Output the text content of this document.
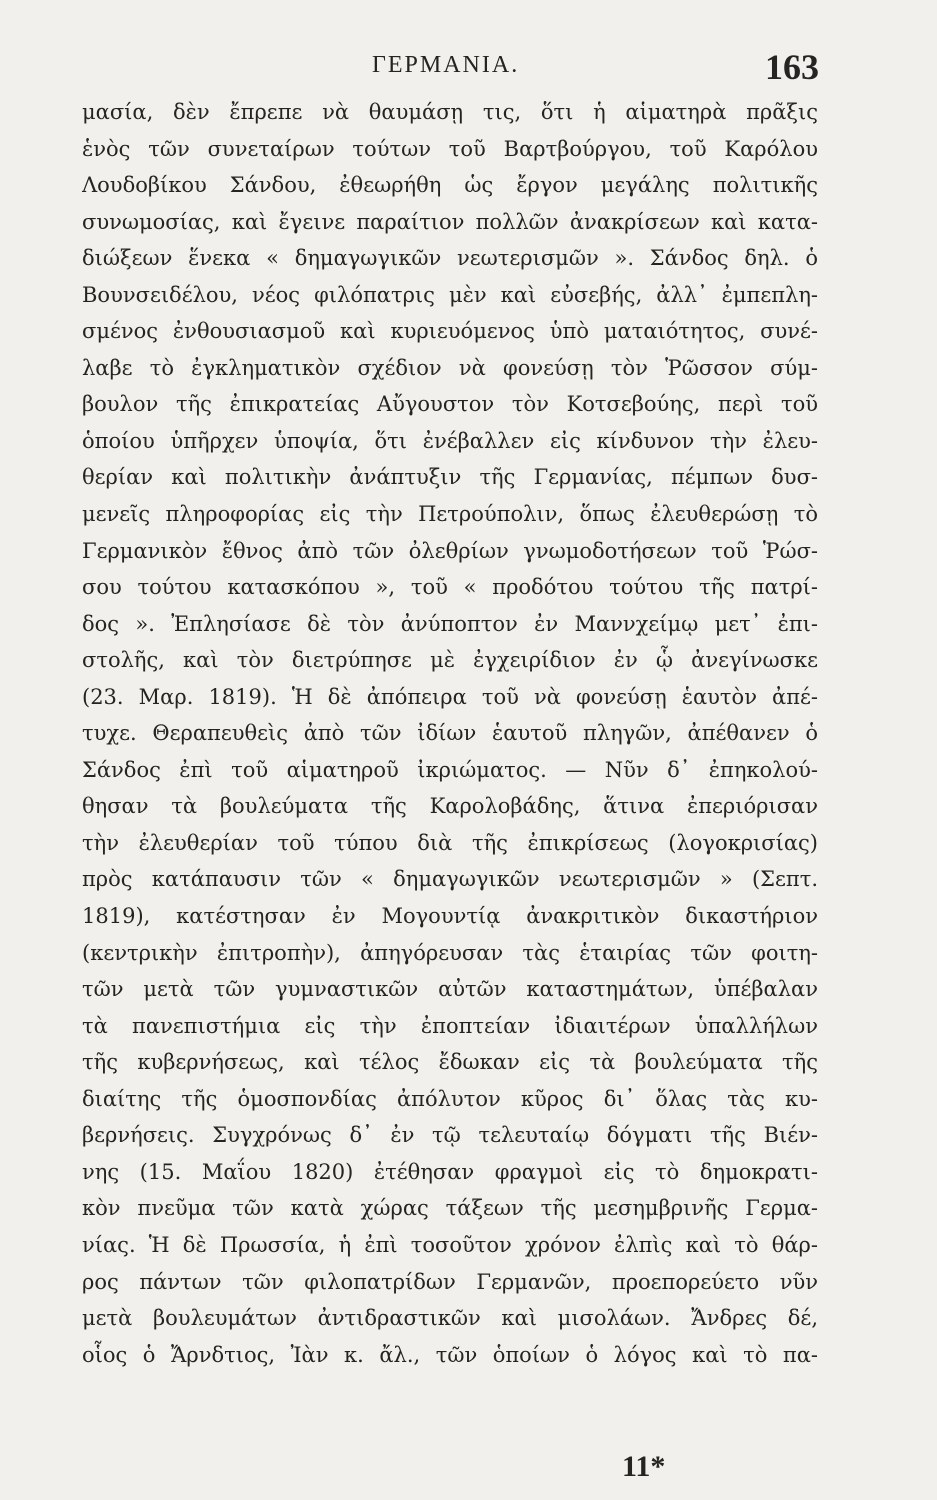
ΓΕΡΜΑΝΙΑ.	163
μασία, δὲν ἔπρεπε νὰ θαυμάσῃ τις, ὅτι ἡ αἱματηρὰ πρᾶξις
ἑνὸς τῶν συνεταίρων τούτων τοῦ Βαρτβούργου, τοῦ Καρόλου
Λουδοβίκου Σάνδου, ἐθεωρήθη ὡς ἔργον μεγάλης πολιτικῆς
συνωμοσίας, καὶ ἔγεινε παραίτιον πολλῶν ἀνακρίσεων καὶ κατα-
διώξεων ἕνεκα « δημαγωγικῶν νεωτερισμῶν ». Σάνδος δηλ. ὁ
Βουνσειδέλου, νέος φιλόπατρις μὲν καὶ εὐσεβής, ἀλλ᾽ ἐμπεπλη-
σμένος ἐνθουσιασμοῦ καὶ κυριευόμενος ὑπὸ ματαιότητος, συνέ-
λαβε τὸ ἐγκληματικὸν σχέδιον νὰ φονεύσῃ τὸν Ῥῶσσον σύμ-
βουλον τῆς ἐπικρατείας Αὔγουστον τὸν Κοτσεβούης, περὶ τοῦ
ὁποίου ὑπῆρχεν ὑποψία, ὅτι ἐνέβαλλεν εἰς κίνδυνον τὴν ἐλευ-
θερίαν καὶ πολιτικὴν ἀνάπτυξιν τῆς Γερμανίας, πέμπων δυσ-
μενεῖς πληροφορίας εἰς τὴν Πετρούπολιν, ὅπως ἐλευθερώσῃ τὸ
Γερμανικὸν ἔθνος ἀπὸ τῶν ὀλεθρίων γνωμοδοτήσεων τοῦ Ῥώσ-
σου τούτου κατασκόπου », τοῦ « προδότου τούτου τῆς πατρί-
δος ». Ἐπλησίασε δὲ τὸν ἀνύποπτον ἐν Μαννχείμῳ μετ᾽ ἐπι-
στολῆς, καὶ τὸν διετρύπησε μὲ ἐγχειρίδιον ἐν ᾧ ἀνεγίνωσκε
(23. Μαρ. 1819). Ἡ δὲ ἀπόπειρα τοῦ νὰ φονεύσῃ ἑαυτὸν ἀπέ-
τυχε. Θεραπευθεὶς ἀπὸ τῶν ἰδίων ἑαυτοῦ πληγῶν, ἀπέθανεν ὁ
Σάνδος ἐπὶ τοῦ αἱματηροῦ ἰκριώματος. — Νῦν δ᾽ ἐπηκολού-
θησαν τὰ βουλεύματα τῆς Καρολοβάδης, ἅτινα ἐπεριόρισαν
τὴν ἐλευθερίαν τοῦ τύπου διὰ τῆς ἐπικρίσεως (λογοκρισίας)
πρὸς κατάπαυσιν τῶν « δημαγωγικῶν νεωτερισμῶν » (Σεπτ.
1819), κατέστησαν ἐν Μογουντίᾳ ἀνακριτικὸν δικαστήριον
(κεντρικὴν ἐπιτροπὴν), ἀπηγόρευσαν τὰς ἑταιρίας τῶν φοιτη-
τῶν μετὰ τῶν γυμναστικῶν αὐτῶν καταστημάτων, ὑπέβαλαν
τὰ πανεπιστήμια εἰς τὴν ἐποπτείαν ἰδιαιτέρων ὑπαλλήλων
τῆς κυβερνήσεως, καὶ τέλος ἔδωκαν εἰς τὰ βουλεύματα τῆς
διαίτης τῆς ὁμοσπονδίας ἀπόλυτον κῦρος δι᾽ ὅλας τὰς κυ-
βερνήσεις. Συγχρόνως δ᾽ ἐν τῷ τελευταίῳ δόγματι τῆς Βιέν-
νης (15. Μαΐου 1820) ἐτέθησαν φραγμοὶ εἰς τὸ δημοκρατι-
κὸν πνεῦμα τῶν κατὰ χώρας τάξεων τῆς μεσημβρινῆς Γερμα-
νίας. Ἡ δὲ Πρωσσία, ἡ ἐπὶ τοσοῦτον χρόνον ἐλπὶς καὶ τὸ θάρ-
ρος πάντων τῶν φιλοπατρίδων Γερμανῶν, προεπορεύετο νῦν
μετὰ βουλευμάτων ἀντιδραστικῶν καὶ μισολάων. Ἄνδρες δέ,
οἷος ὁ Ἄρνδτιος, Ἰὰν κ. ἄλ., τῶν ὁποίων ὁ λόγος καὶ τὸ πα-
11*
